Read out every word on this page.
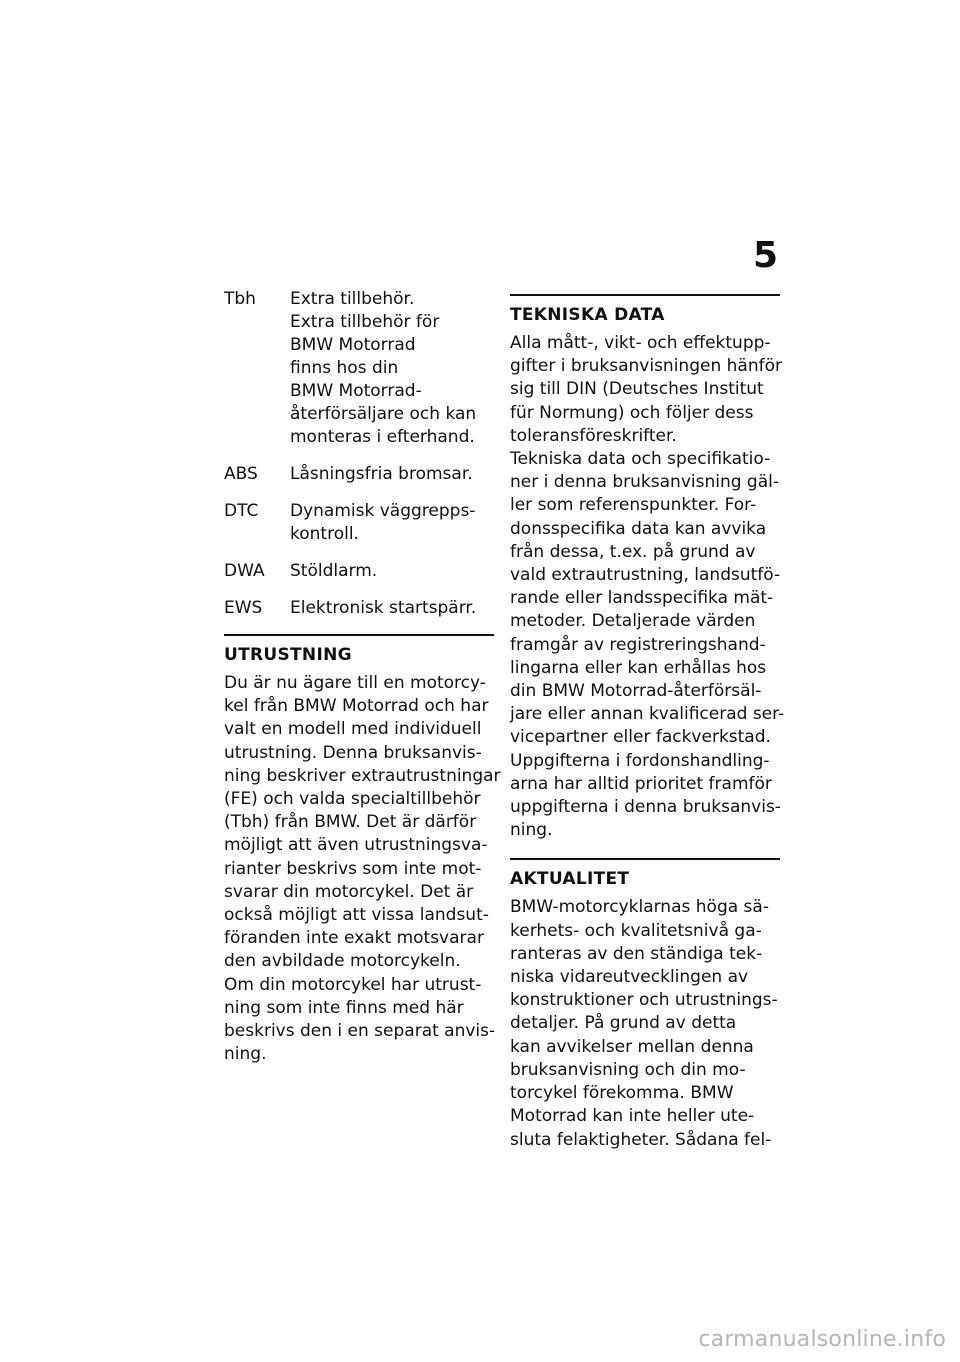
5
Tbh	Extra tillbehör.
Extra tillbehör för
BMW Motorrad
finns hos din
BMW Motorrad-
återförsäljare och kan
monteras i efterhand.
ABS	Låsningsfria bromsar.
DTC	Dynamisk väggrepps-
kontroll.
DWA	Stöldlarm.
EWS	Elektronisk startspärr.
UTRUSTNING
Du är nu ägare till en motorcy-
kel från BMW Motorrad och har
valt en modell med individuell
utrustning. Denna bruksanvis-
ning beskriver extrautrustningar
(FE) och valda specialtillbehör
(Tbh) från BMW. Det är därför
möjligt att även utrustningsva-
rianter beskrivs som inte mot-
svarar din motorcykel. Det är
också möjligt att vissa landsut-
föranden inte exakt motsvarar
den avbildade motorcykeln.
Om din motorcykel har utrust-
ning som inte finns med här
beskrivs den i en separat anvis-
ning.
TEKNISKA DATA
Alla mått-, vikt- och effektupp-
gifter i bruksanvisningen hänför
sig till DIN (Deutsches Institut
für Normung) och följer dess
toleransföreskrifter.
Tekniska data och specifikatio-
ner i denna bruksanvisning gäl-
ler som referenspunkter. For-
donsspecifika data kan avvika
från dessa, t.ex. på grund av
vald extrautrustning, landsutfö-
rande eller landsspecifika mät-
metoder. Detaljerade värden
framgår av registreringshand-
lingarna eller kan erhållas hos
din BMW Motorrad-återförsäl-
jare eller annan kvalificerad ser-
vicepartner eller fackverkstad.
Uppgifterna i fordonshandling-
arna har alltid prioritet framför
uppgifterna i denna bruksanvis-
ning.
AKTUALITET
BMW-motorcyklarnas höga sä-
kerhets- och kvalitetsnivå ga-
ranteras av den ständiga tek-
niska vidareutvecklingen av
konstruktioner och utrustnings-
detaljer. På grund av detta
kan avvikelser mellan denna
bruksanvisning och din mo-
torcykel förekomma. BMW
Motorrad kan inte heller ute-
sluta felaktigheter. Sådana fel-
carmanualsonline.info
